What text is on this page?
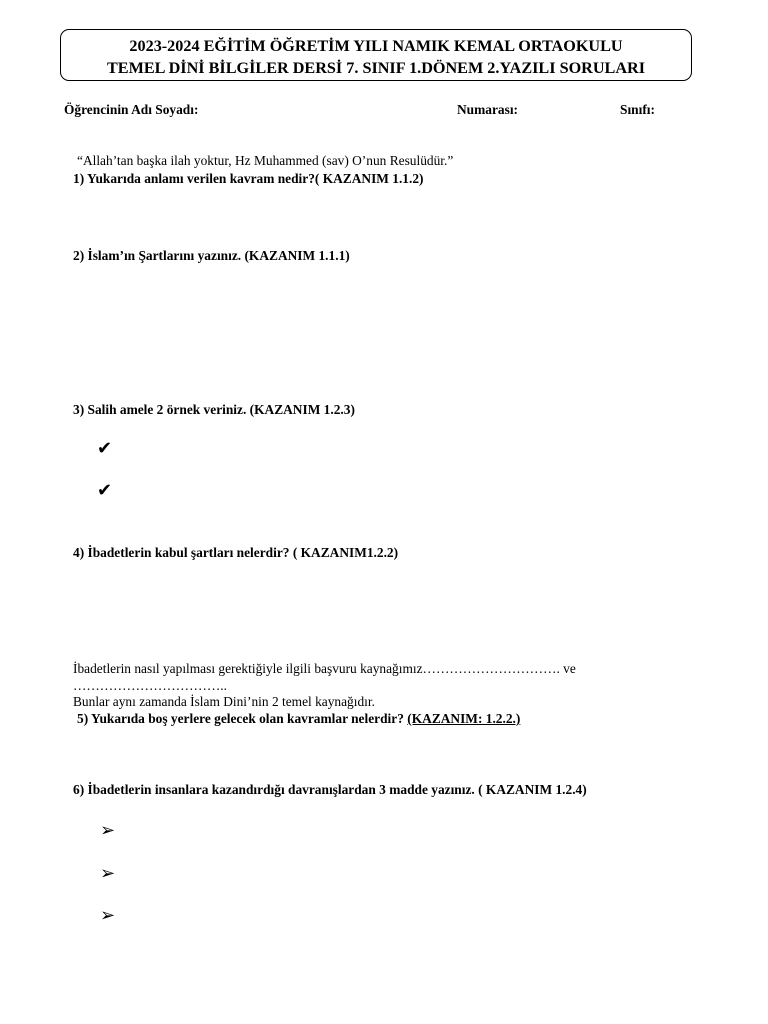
2023-2024 EĞİTİM ÖĞRETİM YILI NAMIK KEMAL ORTAOKULU
TEMEL DİNİ BİLGİLER DERSİ 7. SINIF 1.DÖNEM 2.YAZILI SORULARI
Öğrencinin Adı Soyadı:	Numarası:	Sınıfı:
“Allah’tan başka ilah yoktur, Hz Muhammed (sav) O’nun Resulüdür.”
1) Yukarıda anlamı verilen kavram nedir?( KAZANIM 1.1.2)
2) İslam’ın Şartlarını yazınız. (KAZANIM 1.1.1)
3) Salih amele 2 örnek veriniz. (KAZANIM 1.2.3)
✔
✔
4) İbadetlerin kabul şartları nelerdir? ( KAZANIM1.2.2)
İbadetlerin nasıl yapılması gerektiğiyle ilgili başvuru kaynağımız…………………………. ve
……………………………..
Bunlar aynı zamanda İslam Dini’nin 2 temel kaynağıdır.
5) Yukarıda boş yerlere gelecek olan kavramlar nelerdir? (KAZANIM: 1.2.2.)
6) İbadetlerin insanlara kazandırdığı davranışlardan 3 madde yazınız. ( KAZANIM 1.2.4)
➢
➢
➢
